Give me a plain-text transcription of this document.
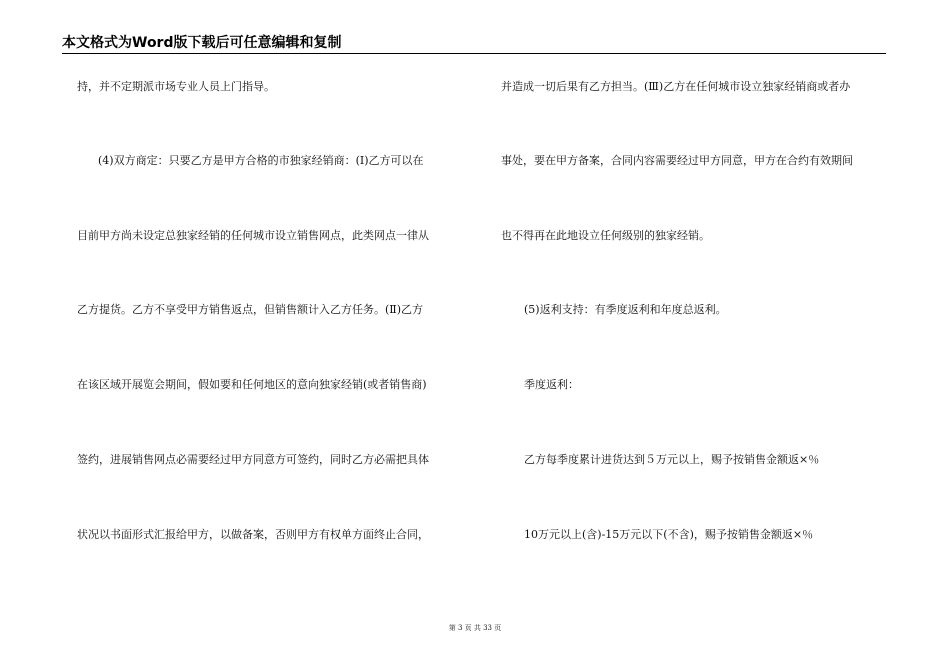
本文格式为Word版下载后可任意编辑和复制
持，并不定期派市场专业人员上门指导。
(4)双方商定：只要乙方是甲方合格的市独家经销商：(Ⅰ)乙方可以在
目前甲方尚未设定总独家经销的任何城市设立销售网点，此类网点一律从
乙方提货。乙方不享受甲方销售返点，但销售额计入乙方任务。(Ⅱ)乙方
在该区域开展览会期间，假如要和任何地区的意向独家经销(或者销售商)
签约，进展销售网点必需要经过甲方同意方可签约，同时乙方必需把具体
状况以书面形式汇报给甲方，以做备案，否则甲方有权单方面终止合同，
并造成一切后果有乙方担当。(Ⅲ)乙方在任何城市设立独家经销商或者办
事处，要在甲方备案，合同内容需要经过甲方同意，甲方在合约有效期间
也不得再在此地设立任何级别的独家经销。
(5)返利支持：有季度返利和年度总返利。
季度返利：
乙方每季度累计进货达到５万元以上，赐予按销售金额返×％
10万元以上(含)-15万元以下(不含)，赐予按销售金额返×％
第 3 页 共 33 页
